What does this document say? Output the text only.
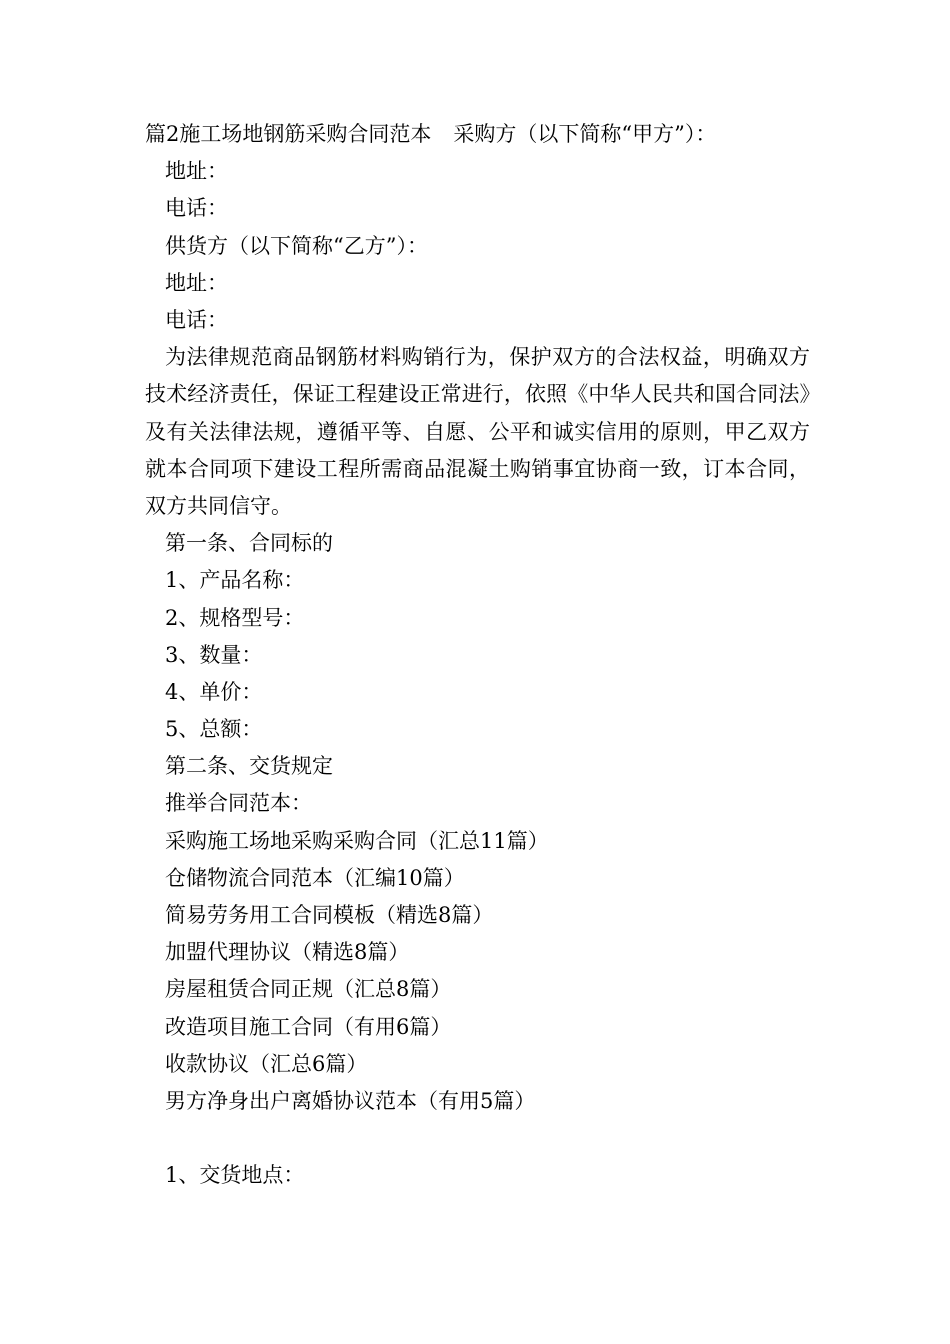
篇2施工场地钢筋采购合同范本 采购方（以下简称“甲方”）：
地址：
电话：
供货方（以下简称“乙方”）：
地址：
电话：

为法律规范商品钢筋材料购销行为，保护双方的合法权益，明确双方技术经济责任，保证工程建设正常进行，依照《中华人民共和国合同法》及有关法律法规，遵循平等、自愿、公平和诚实信用的原则，甲乙双方就本合同项下建设工程所需商品混凝土购销事宜协商一致，订本合同，双方共同信守。

第一条、合同标的
1、产品名称：
2、规格型号：
3、数量：
4、单价：
5、总额：
第二条、交货规定
推举合同范本：
采购施工场地采购采购合同（汇总11篇）
仓储物流合同范本（汇编10篇）
简易劳务用工合同模板（精选8篇）
加盟代理协议（精选8篇）
房屋租赁合同正规（汇总8篇）
改造项目施工合同（有用6篇）
收款协议（汇总6篇）
男方净身出户离婚协议范本（有用5篇）
1、交货地点：
